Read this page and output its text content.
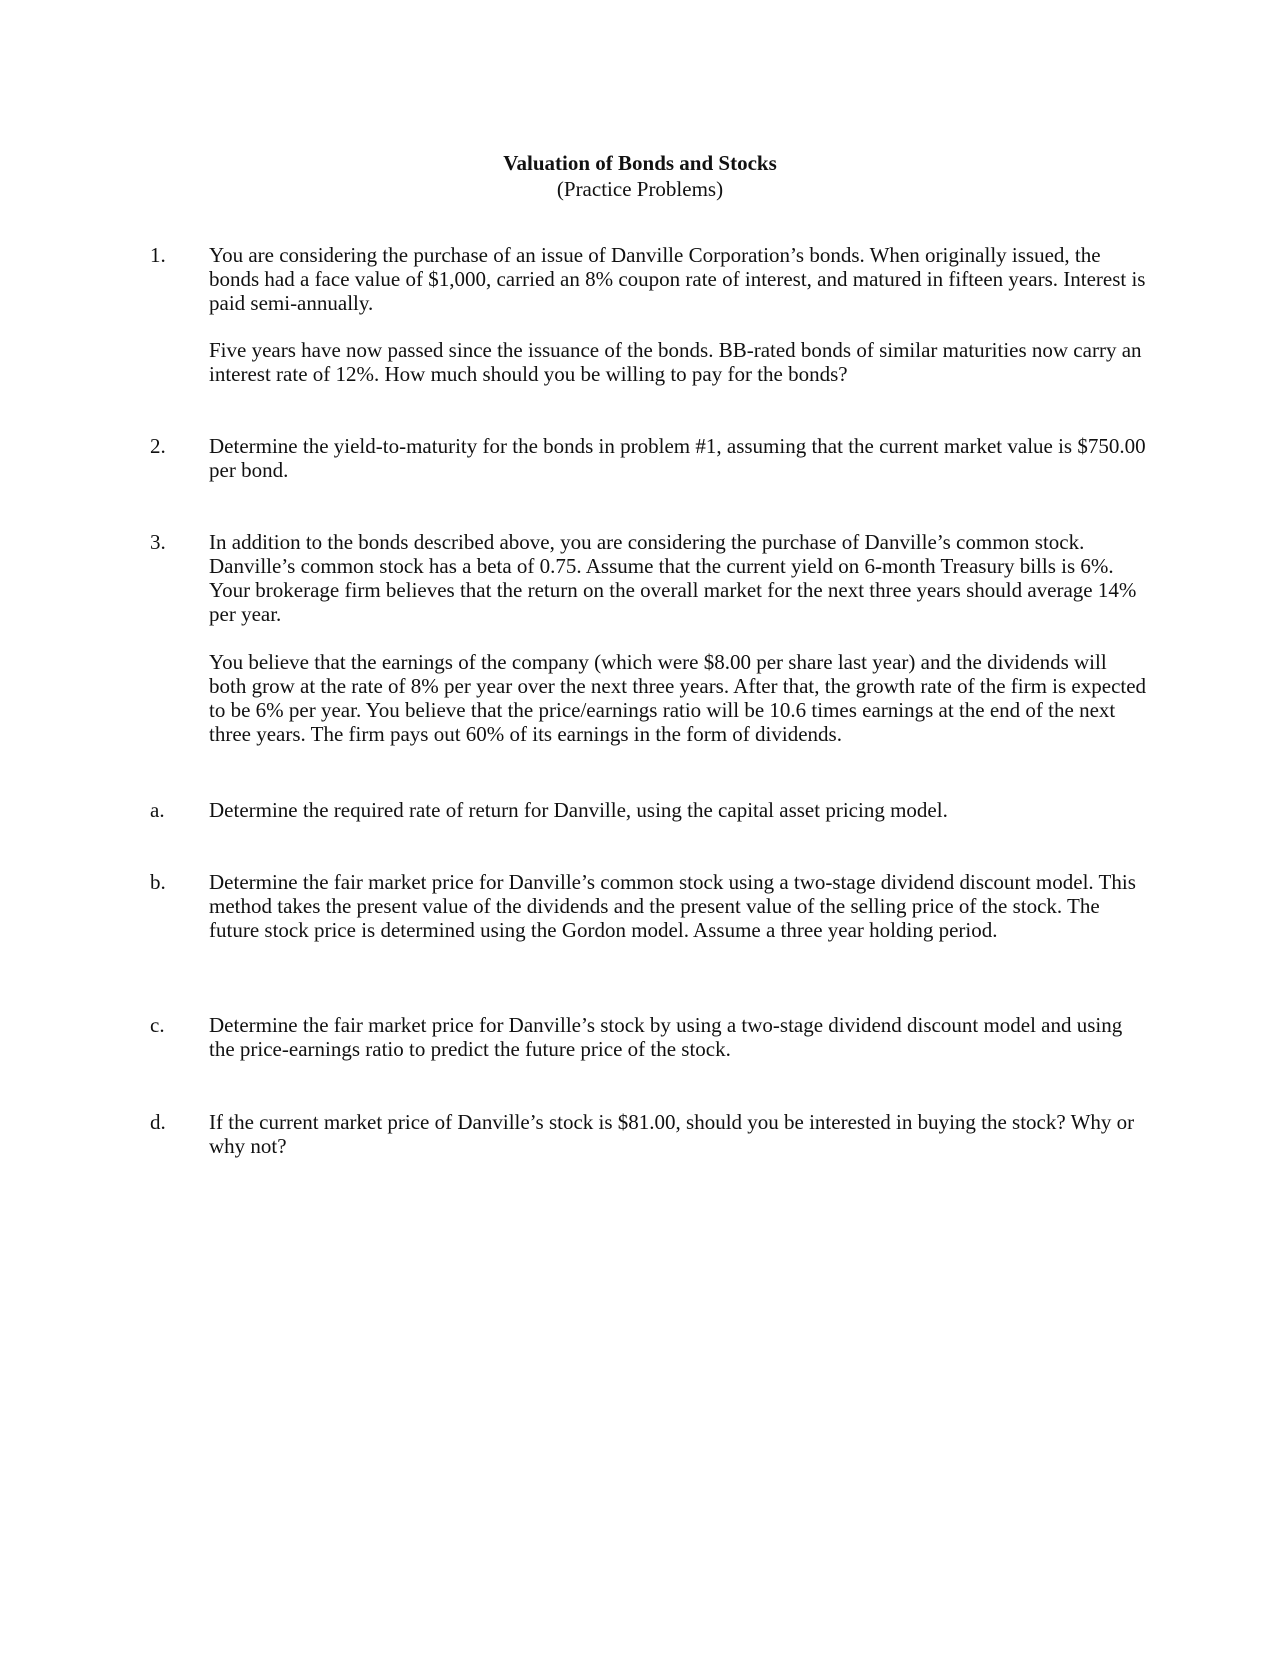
Valuation of Bonds and Stocks
(Practice Problems)
1.	You are considering the purchase of an issue of Danville Corporation’s bonds. When originally issued, the bonds had a face value of $1,000, carried an 8% coupon rate of interest, and matured in fifteen years. Interest is paid semi-annually.
Five years have now passed since the issuance of the bonds. BB-rated bonds of similar maturities now carry an interest rate of 12%. How much should you be willing to pay for the bonds?
2.	Determine the yield-to-maturity for the bonds in problem #1, assuming that the current market value is $750.00 per bond.
3.	In addition to the bonds described above, you are considering the purchase of Danville’s common stock. Danville’s common stock has a beta of 0.75. Assume that the current yield on 6-month Treasury bills is 6%. Your brokerage firm believes that the return on the overall market for the next three years should average 14% per year.
You believe that the earnings of the company (which were $8.00 per share last year) and the dividends will both grow at the rate of 8% per year over the next three years. After that, the growth rate of the firm is expected to be 6% per year. You believe that the price/earnings ratio will be 10.6 times earnings at the end of the next three years. The firm pays out 60% of its earnings in the form of dividends.
a.	Determine the required rate of return for Danville, using the capital asset pricing model.
b.	Determine the fair market price for Danville’s common stock using a two-stage dividend discount model. This method takes the present value of the dividends and the present value of the selling price of the stock. The future stock price is determined using the Gordon model. Assume a three year holding period.
c.	Determine the fair market price for Danville’s stock by using a two-stage dividend discount model and using the price-earnings ratio to predict the future price of the stock.
d.	If the current market price of Danville’s stock is $81.00, should you be interested in buying the stock? Why or why not?
